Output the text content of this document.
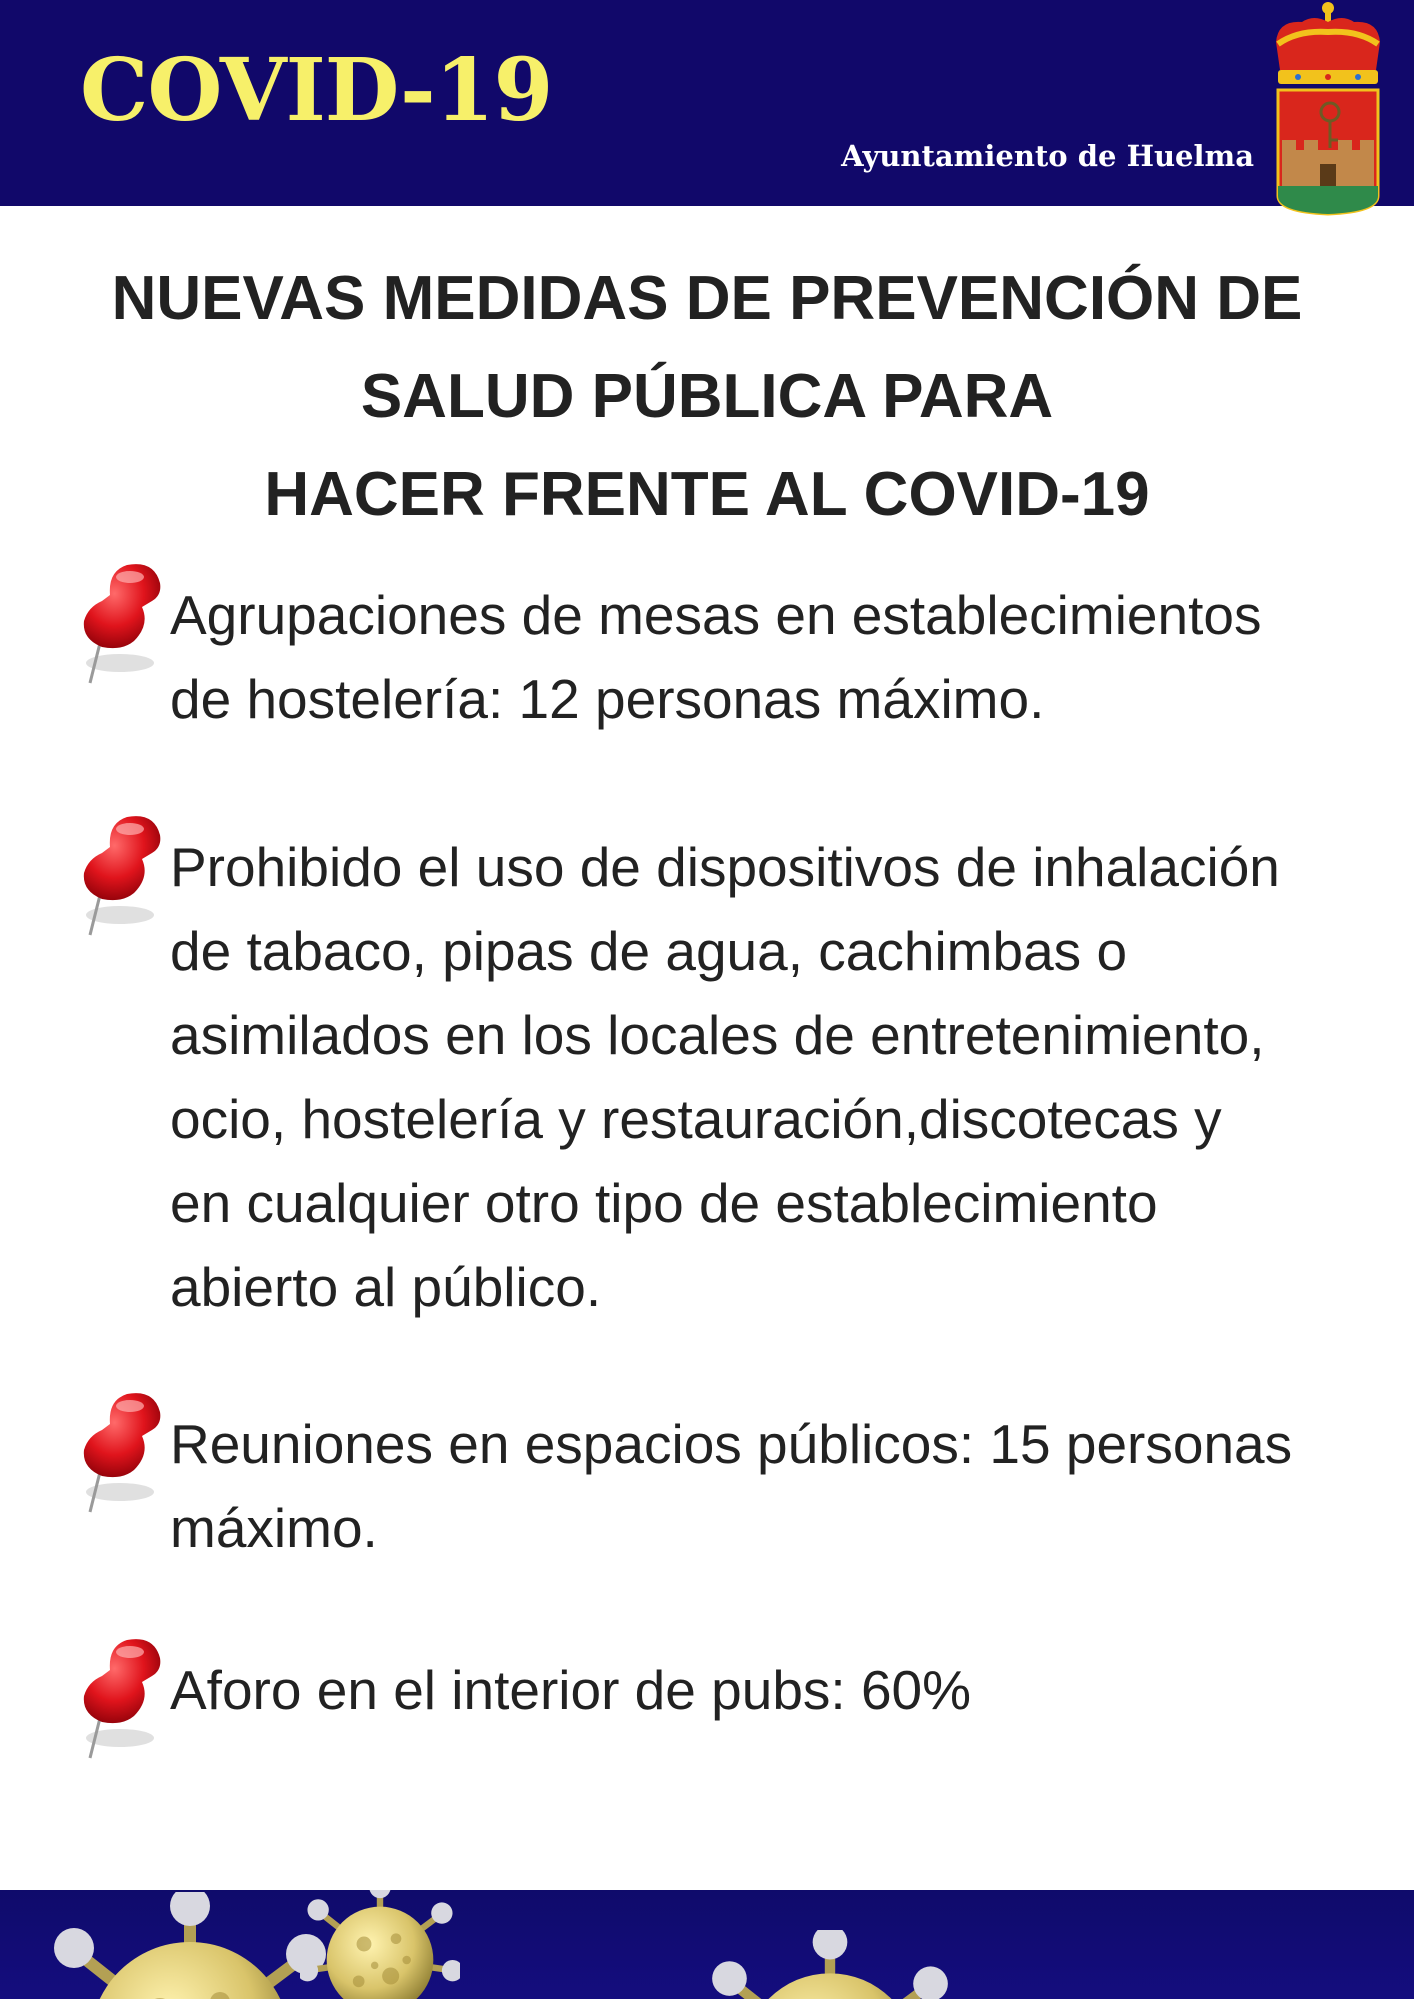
COVID-19
Ayuntamiento de Huelma
NUEVAS MEDIDAS DE PREVENCIÓN DE
SALUD PÚBLICA PARA
HACER FRENTE AL COVID-19
Agrupaciones de mesas en establecimientos
de hostelería: 12 personas máximo.
Prohibido el uso de dispositivos de inhalación
de tabaco, pipas de agua, cachimbas o
asimilados en los locales de entretenimiento,
ocio, hostelería y restauración,discotecas y
en cualquier otro tipo de establecimiento
abierto al público.
Reuniones en espacios públicos: 15 personas
máximo.
Aforo en el interior de pubs: 60%
